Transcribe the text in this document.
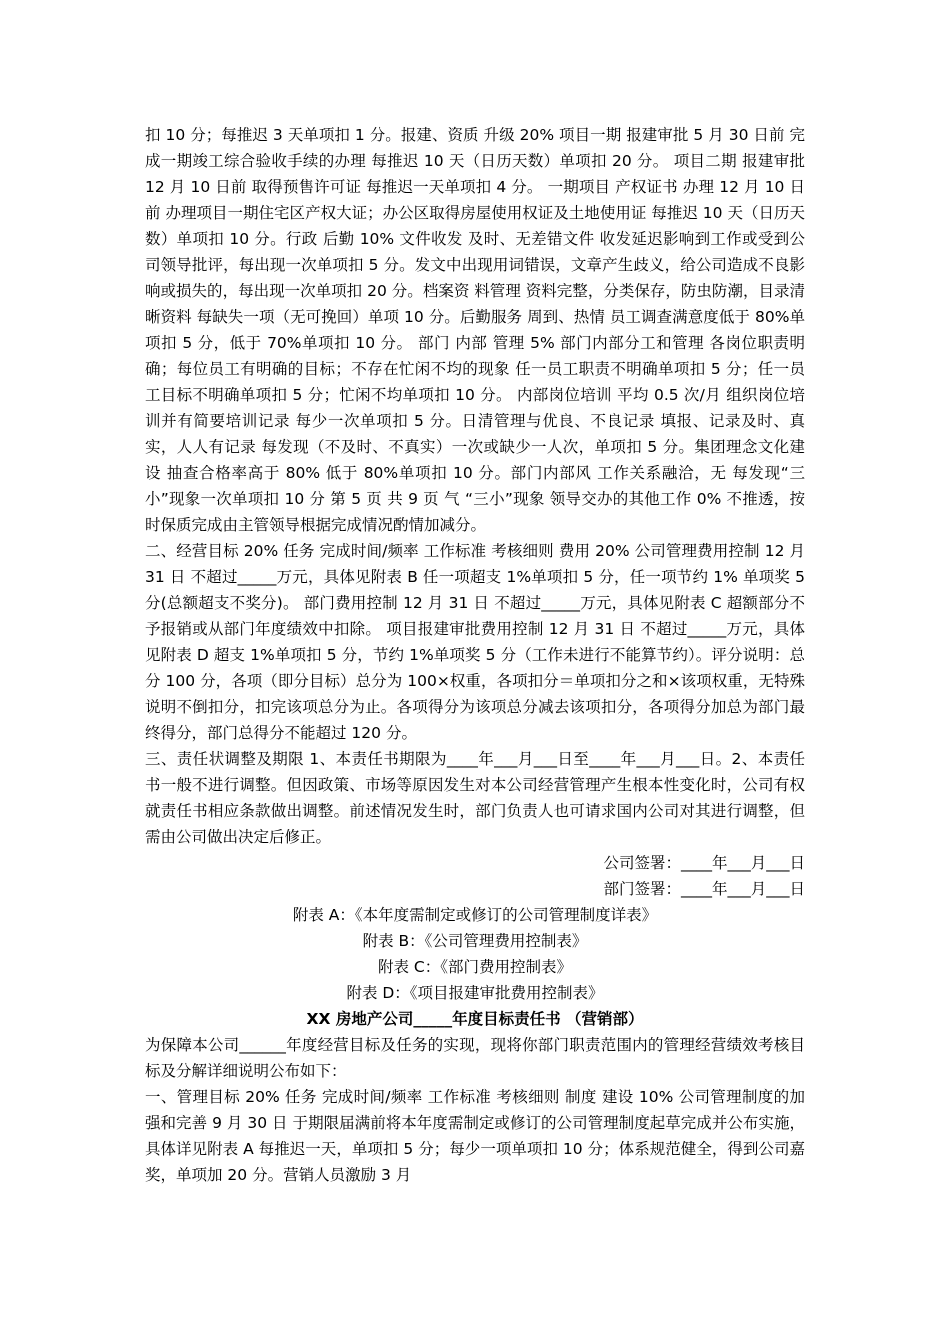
扣 10 分；每推迟 3 天单项扣 1 分。报建、资质 升级 20% 项目一期 报建审批 5 月 30 日前 完成一期竣工综合验收手续的办理 每推迟 10 天（日历天数）单项扣 20 分。 项目二期 报建审批 12 月 10 日前 取得预售许可证 每推迟一天单项扣 4 分。 一期项目 产权证书 办理 12 月 10 日前 办理项目一期住宅区产权大证；办公区取得房屋使用权证及土地使用证 每推迟 10 天（日历天数）单项扣 10 分。行政 后勤 10% 文件收发 及时、无差错文件 收发延迟影响到工作或受到公司领导批评，每出现一次单项扣 5 分。发文中出现用词错误，文章产生歧义，给公司造成不良影响或损失的，每出现一次单项扣 20 分。档案资 料管理 资料完整，分类保存，防虫防潮，目录清晰资料 每缺失一项（无可挽回）单项 10 分。后勤服务 周到、热情 员工调查满意度低于 80%单项扣 5 分，低于 70%单项扣 10 分。 部门 内部 管理 5% 部门内部分工和管理 各岗位职责明确；每位员工有明确的目标；不存在忙闲不均的现象 任一员工职责不明确单项扣 5 分；任一员工目标不明确单项扣 5 分；忙闲不均单项扣 10 分。 内部岗位培训 平均 0.5 次/月 组织岗位培训并有简要培训记录 每少一次单项扣 5 分。日清管理与优良、不良记录 填报、记录及时、真实，人人有记录 每发现（不及时、不真实）一次或缺少一人次，单项扣 5 分。集团理念文化建设 抽查合格率高于 80% 低于 80%单项扣 10 分。部门内部风 工作关系融洽，无 每发现“三小”现象一次单项扣 10 分 第 5 页 共 9 页 气 “三小”现象 领导交办的其他工作 0% 不推透，按时保质完成由主管领导根据完成情况酌情加减分。

二、经营目标 20% 任务 完成时间/频率 工作标准 考核细则 费用 20% 公司管理费用控制 12 月 31 日 不超过_____万元，具体见附表 B 任一项超支 1%单项扣 5 分，任一项节约 1% 单项奖 5 分(总额超支不奖分)。 部门费用控制 12 月 31 日 不超过_____万元，具体见附表 C 超额部分不予报销或从部门年度绩效中扣除。 项目报建审批费用控制 12 月 31 日 不超过_____万元，具体见附表 D 超支 1%单项扣 5 分，节约 1%单项奖 5 分（工作未进行不能算节约）。评分说明：总分 100 分，各项（即分目标）总分为 100×权重，各项扣分＝单项扣分之和×该项权重，无特殊说明不倒扣分，扣完该项总分为止。各项得分为该项总分减去该项扣分，各项得分加总为部门最终得分，部门总得分不能超过 120 分。

三、责任状调整及期限 1、本责任书期限为____年___月___日至____年___月___日。2、本责任书一般不进行调整。但因政策、市场等原因发生对本公司经营管理产生根本性变化时，公司有权就责任书相应条款做出调整。前述情况发生时，部门负责人也可请求国内公司对其进行调整，但需由公司做出决定后修正。

公司签署：____年___月___日

部门签署：____年___月___日

附表 A：《本年度需制定或修订的公司管理制度详表》

附表 B：《公司管理费用控制表》

附表 C：《部门费用控制表》

附表 D：《项目报建审批费用控制表》

XX 房地产公司_____年度目标责任书 （营销部）

为保障本公司______年度经营目标及任务的实现，现将你部门职责范围内的管理经营绩效考核目标及分解详细说明公布如下：

一、管理目标 20% 任务 完成时间/频率 工作标准 考核细则 制度 建设 10% 公司管理制度的加强和完善 9 月 30 日 于期限届满前将本年度需制定或修订的公司管理制度起草完成并公布实施，具体详见附表 A 每推迟一天，单项扣 5 分；每少一项单项扣 10 分；体系规范健全，得到公司嘉奖，单项加 20 分。营销人员激励 3 月
